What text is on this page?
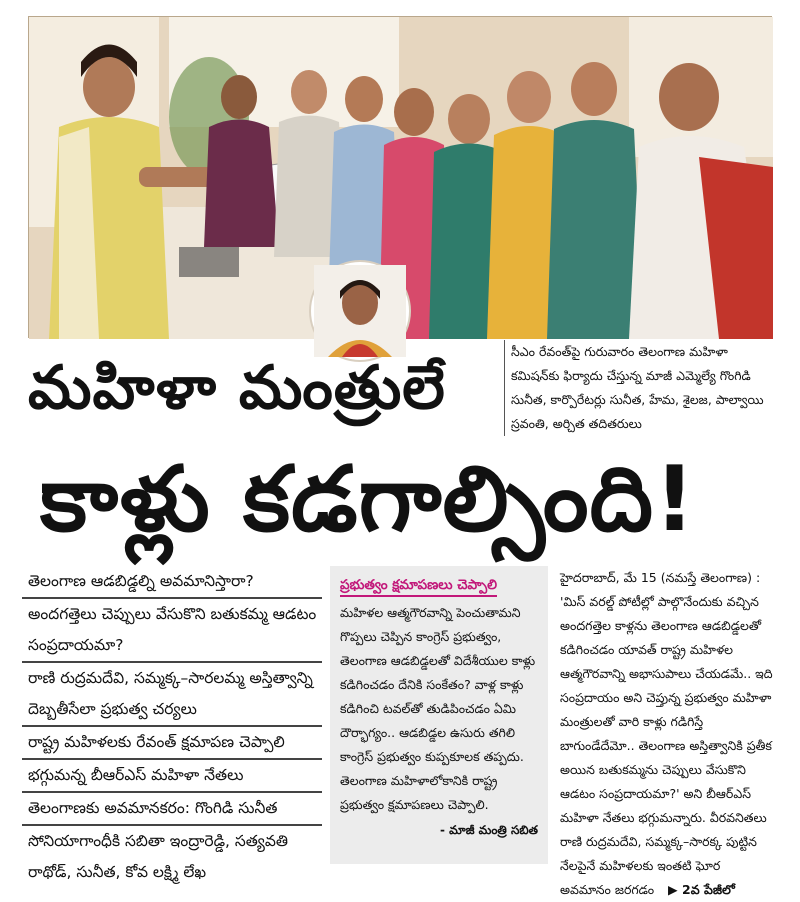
సీఎం రేవంత్‌పై గురువారం తెలంగాణ మహిళా కమిషన్‌కు ఫిర్యాదు చేస్తున్న మాజీ ఎమ్మెల్యే గొంగిడి సునీత, కార్పొరేటర్లు సునీత, హేమ, శైలజ, పాల్వాయి స్రవంతి, అర్చిత తదితరులు
మహిళా మంత్రులే
కాళ్లు కడగాల్సింది!
తెలంగాణ ఆడబిడ్డల్ని అవమానిస్తారా?
అందగత్తెలు చెప్పులు వేసుకొని బతుకమ్మ ఆడటం సంప్రదాయమా?
రాణి రుద్రమదేవి, సమ్మక్క–సారలమ్మ అస్తిత్వాన్ని దెబ్బతీసేలా ప్రభుత్వ చర్యలు
రాష్ట్ర మహిళలకు రేవంత్ క్షమాపణ చెప్పాలి
భగ్గుమన్న బీఆర్‌ఎస్ మహిళా నేతలు
తెలంగాణకు అవమానకరం: గొంగిడి సునీత
సోనియాగాంధీకి సబితా ఇంద్రారెడ్డి, సత్యవతి రాథోడ్, సునీత, కోవ లక్ష్మి లేఖ
ప్రభుత్వం క్షమాపణలు చెప్పాలి
మహిళల ఆత్మగౌరవాన్ని పెంచుతామని గొప్పలు చెప్పిన కాంగ్రెస్ ప్రభుత్వం, తెలంగాణ ఆడబిడ్డలతో విదేశీయుల కాళ్లు కడిగించడం దేనికి సంకేతం? వాళ్ల కాళ్లు కడిగించి టవల్‌తో తుడిపించడం ఏమి దౌర్భాగ్యం.. ఆడబిడ్డల ఉసురు తగిలి కాంగ్రెస్ ప్రభుత్వం కుప్పకూలక తప్పదు. తెలంగాణ మహిళాలోకానికి రాష్ట్ర ప్రభుత్వం క్షమాపణలు చెప్పాలి.
- మాజీ మంత్రి సబిత
హైదరాబాద్, మే 15 (నమస్తే తెలంగాణ) : 'మిస్ వరల్డ్ పోటీల్లో పాల్గొనేందుకు వచ్చిన అందగత్తెల కాళ్లను తెలంగాణ ఆడబిడ్డలతో కడిగించడం యావత్ రాష్ట్ర మహిళల ఆత్మగౌరవాన్ని అభాసుపాలు చేయడమే.. ఇది సంప్రదాయం అని చెప్తున్న ప్రభుత్వం మహిళా మంత్రులతో వారి కాళ్లు గడిగిస్తే బాగుండేదేమో.. తెలంగాణ అస్తిత్వానికి ప్రతీక అయిన బతుకమ్మను చెప్పులు వేసుకొని ఆడటం సంప్రదాయమా?' అని బీఆర్‌ఎస్ మహిళా నేతలు భగ్గుమన్నారు. వీరవనితలు రాణి రుద్రమదేవి, సమ్మక్క–సారక్క పుట్టిన నేలపైనే మహిళలకు ఇంతటి ఘోర అవమానం జరగడం ▶ 2వ పేజీలో
